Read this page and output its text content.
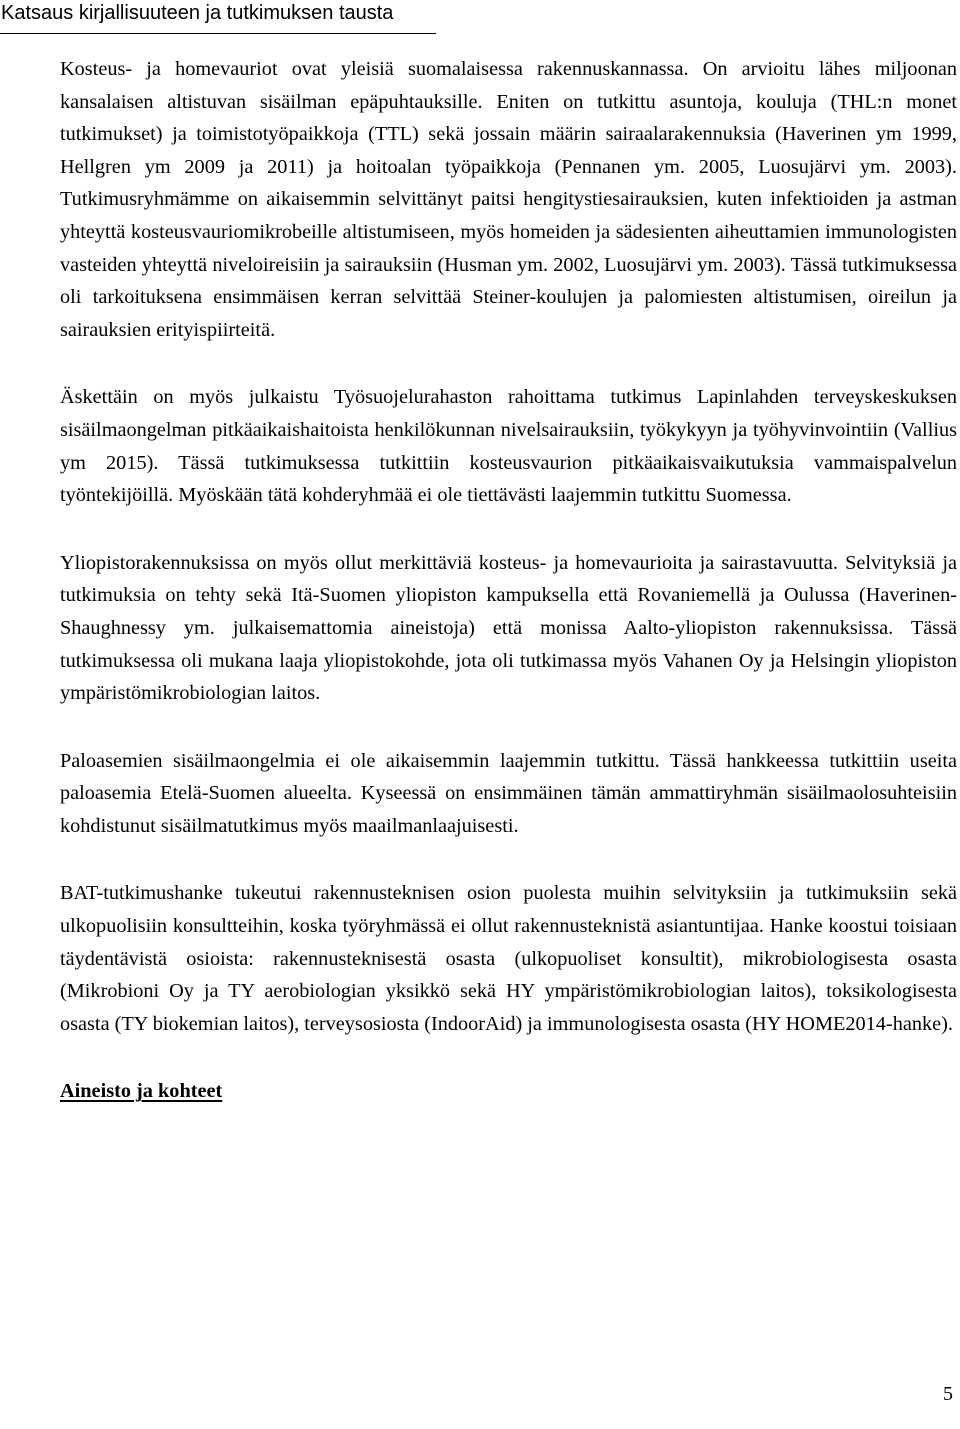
Katsaus kirjallisuuteen ja tutkimuksen tausta

Kosteus- ja homevauriot ovat yleisiä suomalaisessa rakennuskannassa. On arvioitu lähes miljoonan kansalaisen altistuvan sisäilman epäpuhtauksille. Eniten on tutkittu asuntoja, kouluja (THL:n monet tutkimukset) ja toimistotyöpaikkoja (TTL) sekä jossain määrin sairaalarakennuksia (Haverinen ym 1999, Hellgren ym 2009 ja 2011) ja hoitoalan työpaikkoja (Pennanen ym. 2005, Luosujärvi ym. 2003). Tutkimusryhmämme on aikaisemmin selvittänyt paitsi hengitystiesairauksien, kuten infektioiden ja astman yhteyttä kosteusvauriomikrobeille altistumiseen, myös homeiden ja sädesienten aiheuttamien immunologisten vasteiden yhteyttä niveloireisiin ja sairauksiin (Husman ym. 2002, Luosujärvi ym. 2003). Tässä tutkimuksessa oli tarkoituksena ensimmäisen kerran selvittää Steiner-koulujen ja palomiesten altistumisen, oireilun ja sairauksien erityispiirteitä.

Äskettäin on myös julkaistu Työsuojelurahaston rahoittama tutkimus Lapinlahden terveyskeskuksen sisäilmaongelman pitkäaikaishaitoista henkilökunnan nivelsairauksiin, työkykyyn ja työhyvinvointiin (Vallius ym 2015). Tässä tutkimuksessa tutkittiin kosteusvaurion pitkäaikaisvaikutuksia vammaispalvelun työntekijöillä. Myöskään tätä kohderyhmää ei ole tiettävästi laajemmin tutkittu Suomessa.

Yliopistorakennuksissa on myös ollut merkittäviä kosteus- ja homevaurioita ja sairastavuutta. Selvityksiä ja tutkimuksia on tehty sekä Itä-Suomen yliopiston kampuksella että Rovaniemellä ja Oulussa (Haverinen-Shaughnessy ym. julkaisemattomia aineistoja) että monissa Aalto-yliopiston rakennuksissa. Tässä tutkimuksessa oli mukana laaja yliopistokohde, jota oli tutkimassa myös Vahanen Oy ja Helsingin yliopiston ympäristömikrobiologian laitos.

Paloasemien sisäilmaongelmia ei ole aikaisemmin laajemmin tutkittu. Tässä hankkeessa tutkittiin useita paloasemia Etelä-Suomen alueelta. Kyseessä on ensimmäinen tämän ammattiryhmän sisäilmaolosuhteisiin kohdistunut sisäilmatutkimus myös maailmanlaajuisesti.

BAT-tutkimushanke tukeutui rakennusteknisen osion puolesta muihin selvityksiin ja tutkimuksiin sekä ulkopuolisiin konsultteihin, koska työryhmässä ei ollut rakennusteknistä asiantuntijaa. Hanke koostui toisiaan täydentävistä osioista: rakennusteknisestä osasta (ulkopuoliset konsultit), mikrobiologisesta osasta (Mikrobioni Oy ja TY aerobiologian yksikkö sekä HY ympäristömikrobiologian laitos), toksikologisesta osasta (TY biokemian laitos), terveysosiosta (IndoorAid) ja immunologisesta osasta (HY HOME2014-hanke).

Aineisto ja kohteet

5
